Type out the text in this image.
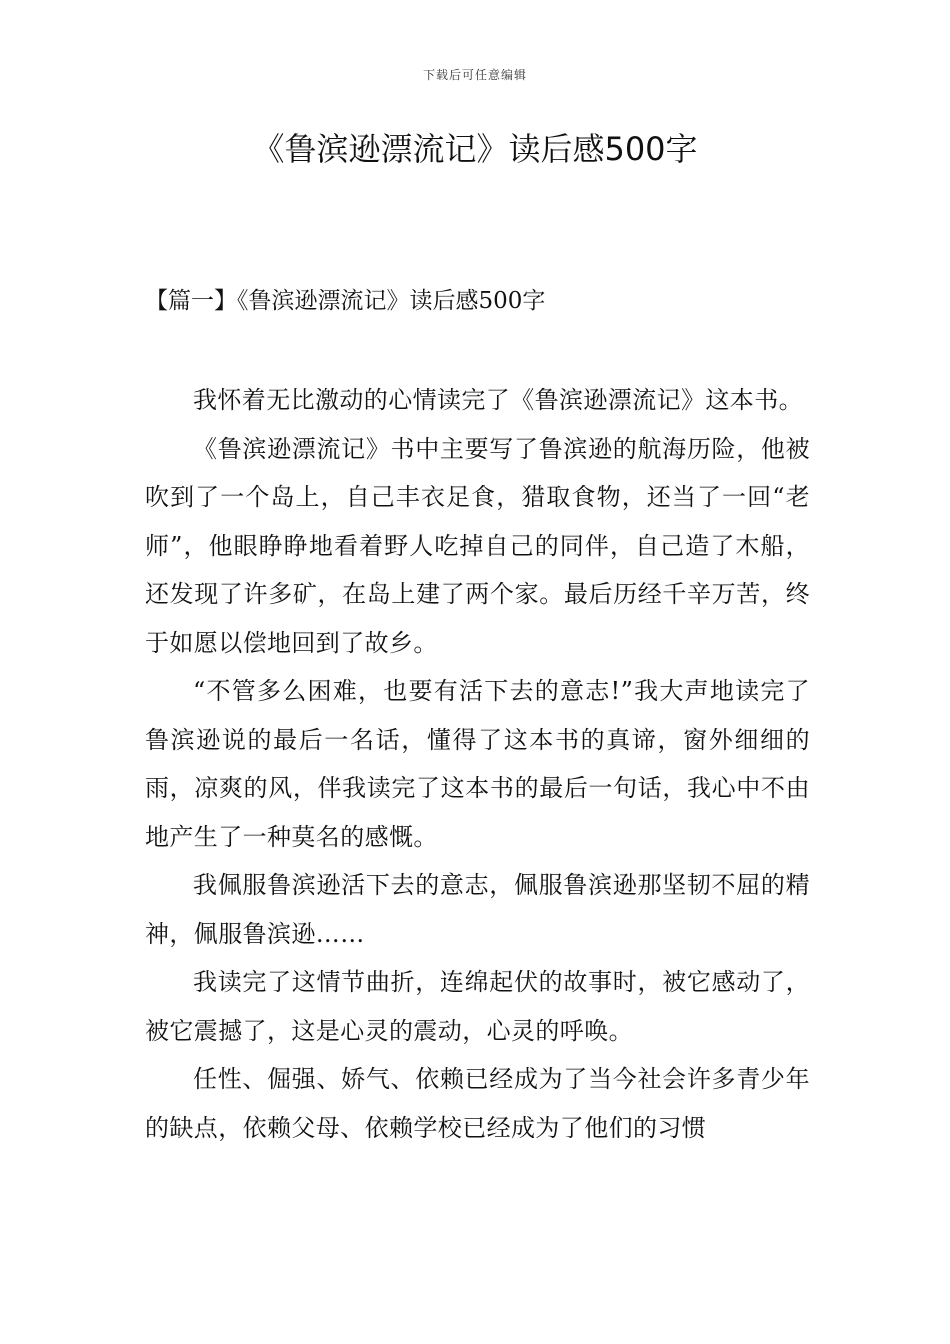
下载后可任意编辑
《鲁滨逊漂流记》读后感500字
【篇一】《鲁滨逊漂流记》读后感500字

我怀着无比激动的心情读完了《鲁滨逊漂流记》这本书。

《鲁滨逊漂流记》书中主要写了鲁滨逊的航海历险，他被吹到了一个岛上，自己丰衣足食，猎取食物，还当了一回“老师”，他眼睁睁地看着野人吃掉自己的同伴，自己造了木船，还发现了许多矿，在岛上建了两个家。最后历经千辛万苦，终于如愿以偿地回到了故乡。

“不管多么困难，也要有活下去的意志!”我大声地读完了鲁滨逊说的最后一名话，懂得了这本书的真谛，窗外细细的雨，凉爽的风，伴我读完了这本书的最后一句话，我心中不由地产生了一种莫名的感慨。

我佩服鲁滨逊活下去的意志，佩服鲁滨逊那坚韧不屈的精神，佩服鲁滨逊……

我读完了这情节曲折，连绵起伏的故事时，被它感动了，被它震撼了，这是心灵的震动，心灵的呼唤。

任性、倔强、娇气、依赖已经成为了当今社会许多青少年的缺点，依赖父母、依赖学校已经成为了他们的习惯
